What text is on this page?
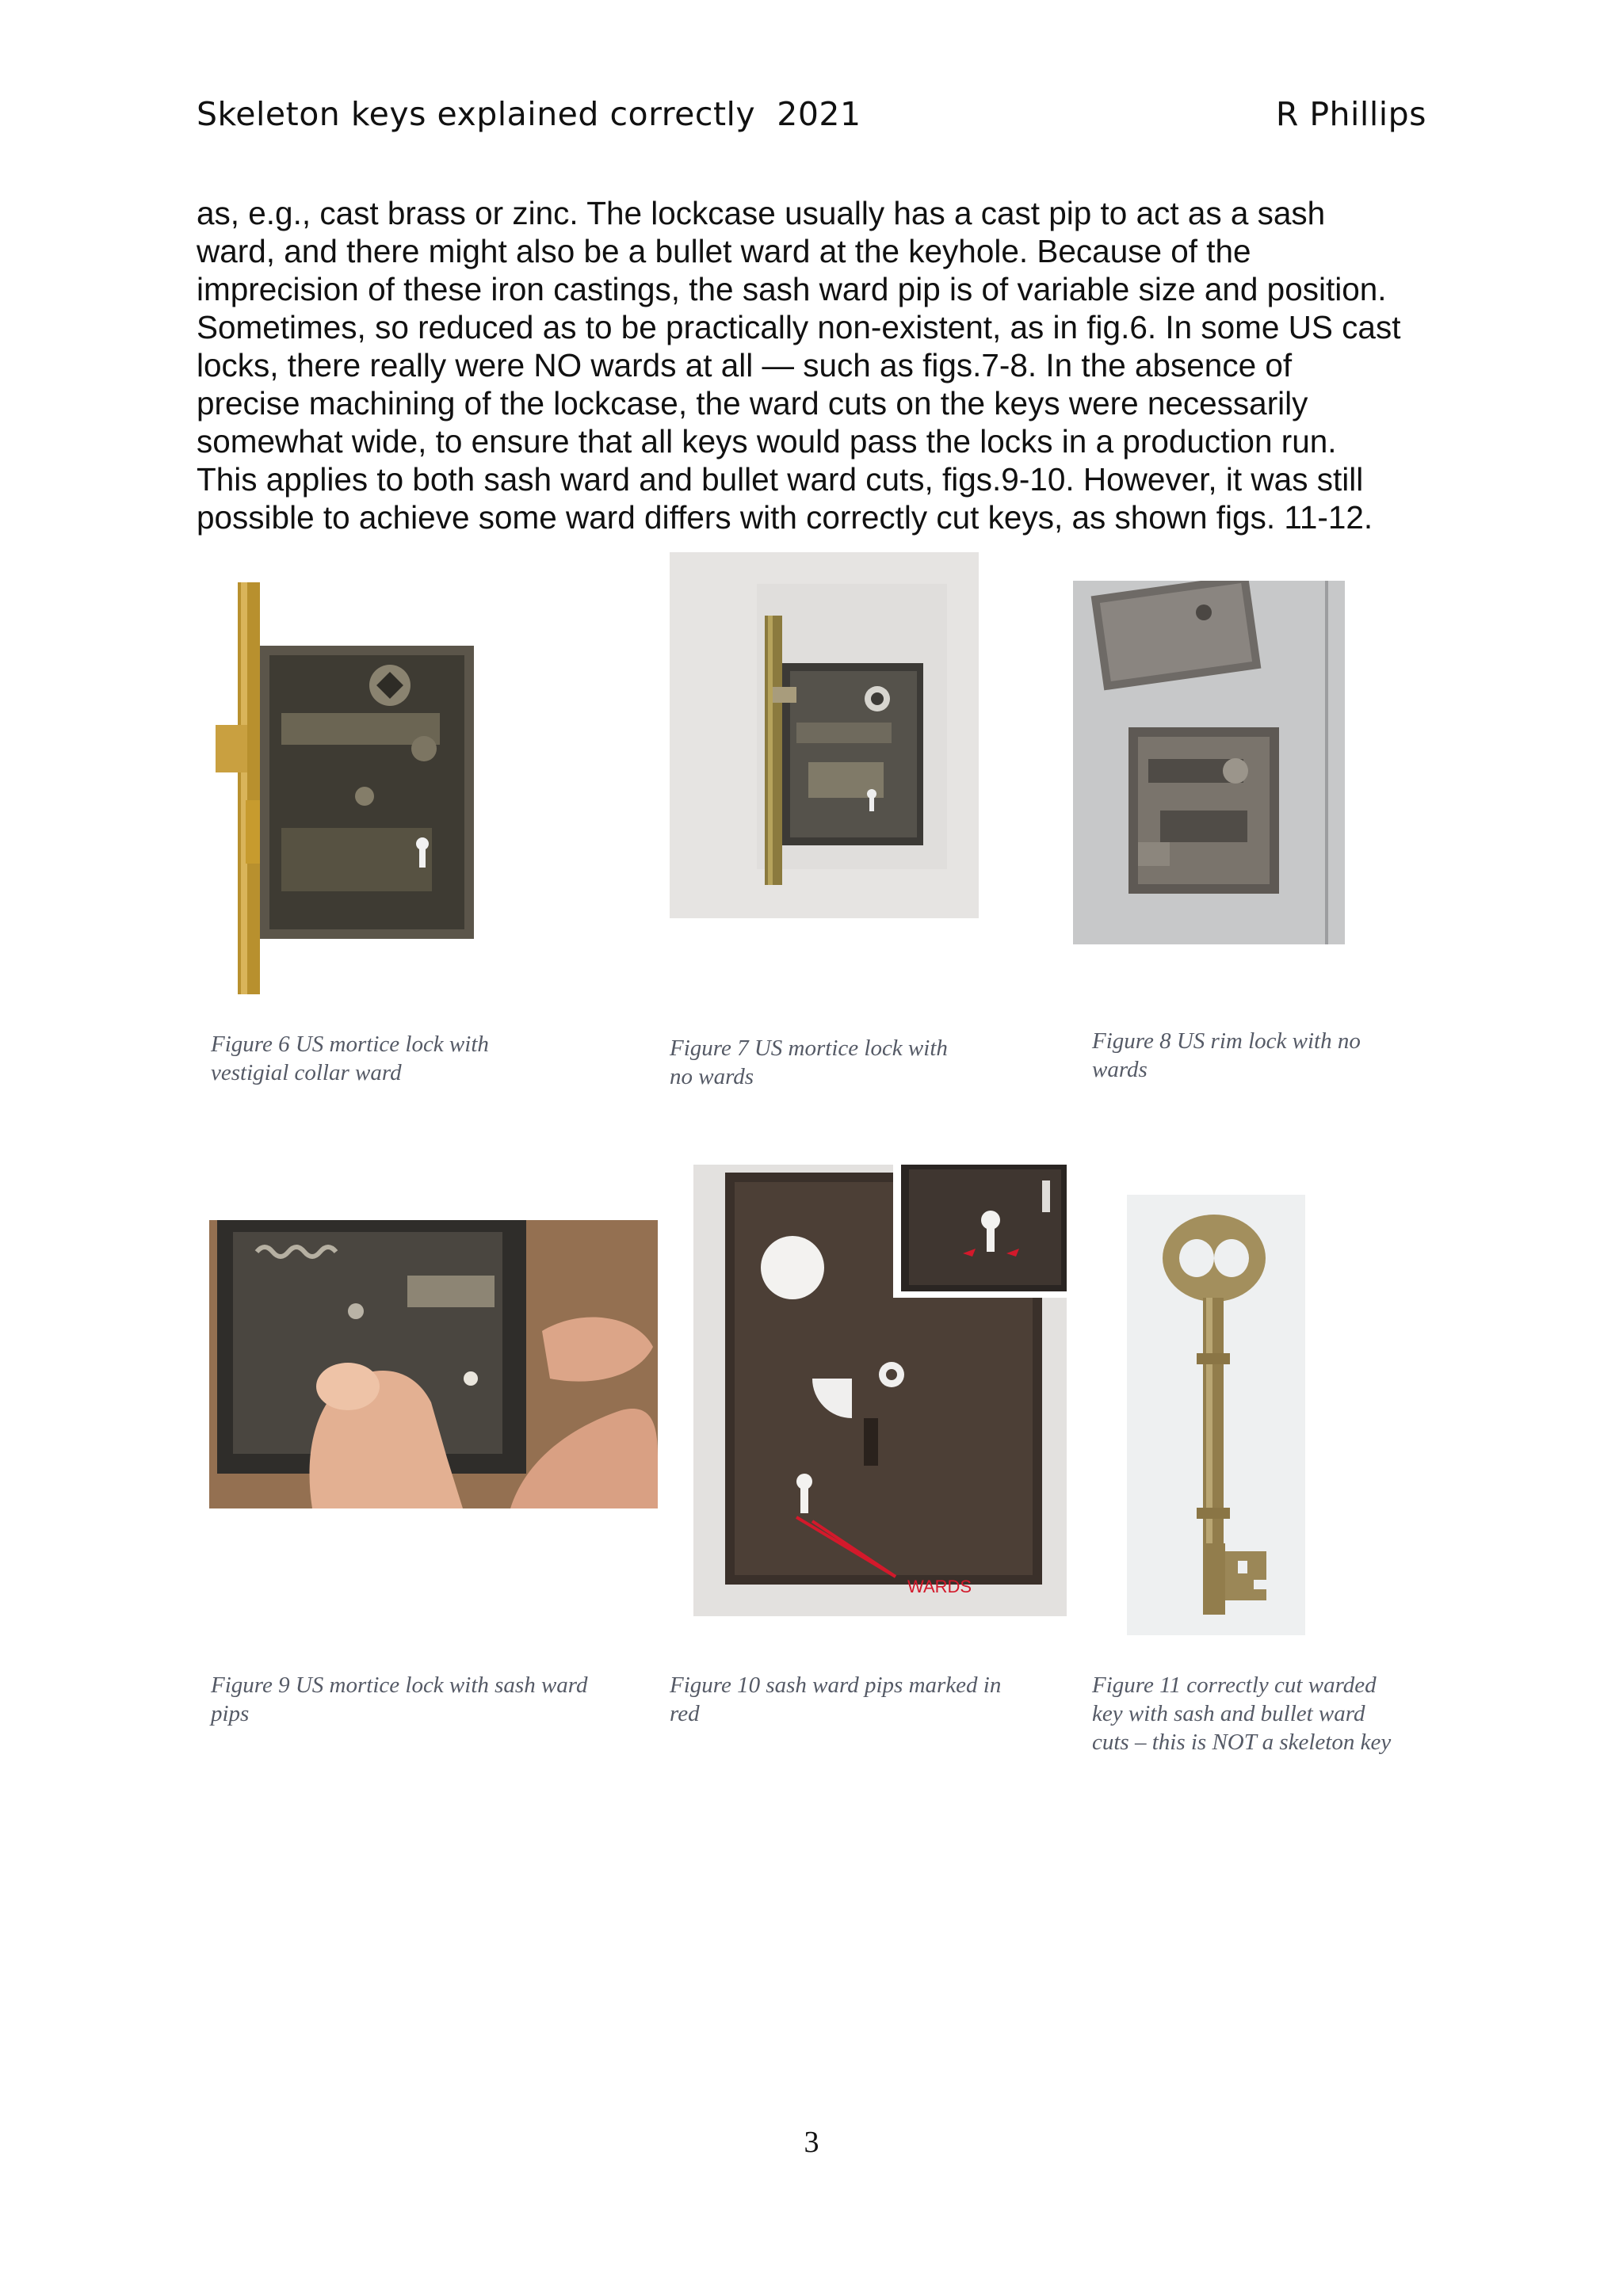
Skeleton keys explained correctly  2021	R Phillips

as, e.g., cast brass or zinc. The lockcase usually has a cast pip to act as a sash

ward, and there might also be a bullet ward at the keyhole. Because of the

imprecision of these iron castings, the sash ward pip is of variable size and position.

Sometimes, so reduced as to be practically non-existent, as in fig.6. In some US cast

locks, there really were NO wards at all — such as figs.7-8. In the absence of

precise machining of the lockcase, the ward cuts on the keys were necessarily

somewhat wide, to ensure that all keys would pass the locks in a production run.

This applies to both sash ward and bullet ward cuts, figs.9-10. However, it was still

possible to achieve some ward differs with correctly cut keys, as shown figs. 11-12.

Figure 6 US mortice lock with
vestigial collar ward
Figure 7 US mortice lock with
no wards
Figure 8 US rim lock with no
wards
Figure 9 US mortice lock with sash ward
pips
WARDS
Figure 10 sash ward pips marked in
red
Figure 11 correctly cut warded
key with sash and bullet ward
cuts – this is NOT a skeleton key
3
